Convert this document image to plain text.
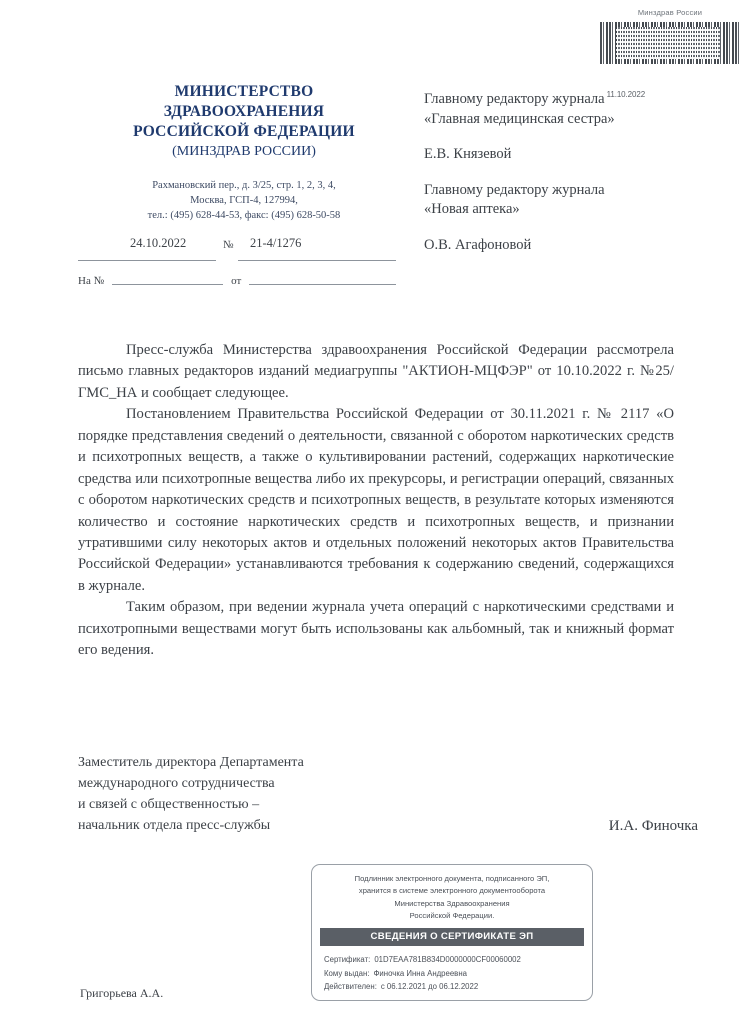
Минздрав России
МИНИСТЕРСТВО
ЗДРАВООХРАНЕНИЯ
РОССИЙСКОЙ ФЕДЕРАЦИИ
(МИНЗДРАВ РОССИИ)
Рахмановский пер., д. 3/25, стр. 1, 2, 3, 4,
Москва, ГСП-4, 127994,
тел.: (495) 628-44-53, факс: (495) 628-50-58
24.10.2022	№ 21-4/1276
На №	от
Главному редактору журнала $^{11.10.2022}$
«Главная медицинская сестра»
Е.В. Князевой
Главному редактору журнала
«Новая аптека»
О.В. Агафоновой

Пресс-служба Министерства здравоохранения Российской Федерации рассмотрела письмо главных редакторов изданий медиагруппы "АКТИОН-МЦФЭР" от 10.10.2022 г. №25/ГМС_НА и сообщает следующее.

Постановлением Правительства Российской Федерации от 30.11.2021 г. № 2117 «О порядке представления сведений о деятельности, связанной с оборотом наркотических средств и психотропных веществ, а также о культивировании растений, содержащих наркотические средства или психотропные вещества либо их прекурсоры, и регистрации операций, связанных с оборотом наркотических средств и психотропных веществ, в результате которых изменяются количество и состояние наркотических средств и психотропных веществ, и признании утратившими силу некоторых актов и отдельных положений некоторых актов Правительства Российской Федерации» устанавливаются требования к содержанию сведений, содержащихся в журнале.

Таким образом, при ведении журнала учета операций с наркотическими средствами и психотропными веществами могут быть использованы как альбомный, так и книжный формат его ведения.

Заместитель директора Департамента
международного сотрудничества
и связей с общественностью –
начальник отдела пресс-службы	И.А. Финочка
Подлинник электронного документа, подписанного ЭП,
хранится в системе электронного документооборота
Министерства Здравоохранения
Российской Федерации.
СВЕДЕНИЯ О СЕРТИФИКАТЕ ЭП
Сертификат: 01D7EAA781B834D0000000CF00060002
Кому выдан: Финочка Инна Андреевна
Действителен: с 06.12.2021 до 06.12.2022
Григорьева А.А.
